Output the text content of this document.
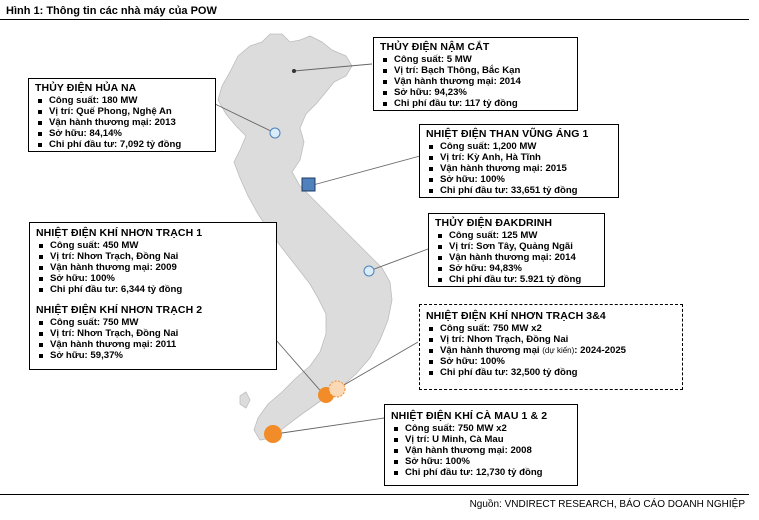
Hình 1: Thông tin các nhà máy của POW
THỦY ĐIỆN NẬM CẮT
Công suất: 5 MW
Vị trí: Bạch Thông, Bắc Kạn
Vận hành thương mại: 2014
Sở hữu: 94,23%
Chi phí đầu tư: 117 tỷ đồng
THỦY ĐIỆN HỦA NA
Công suất: 180 MW
Vị trí: Quế Phong, Nghệ An
Vận hành thương mại: 2013
Sở hữu: 84,14%
Chi phí đầu tư: 7,092 tỷ đồng
NHIỆT ĐIỆN THAN VŨNG ÁNG 1
Công suất: 1,200 MW
Vị trí: Kỳ Anh, Hà Tĩnh
Vận hành thương mại: 2015
Sở hữu: 100%
Chi phí đầu tư: 33,651 tỷ đồng
THỦY ĐIỆN ĐAKDRINH
Công suất: 125 MW
Vị trí: Sơn Tây, Quảng Ngãi
Vận hành thương mại: 2014
Sở hữu: 94,83%
Chi phí đầu tư: 5.921 tỷ đồng
NHIỆT ĐIỆN KHÍ NHƠN TRẠCH 1
Công suất: 450 MW
Vị trí: Nhơn Trạch, Đồng Nai
Vận hành thương mại: 2009
Sở hữu: 100%
Chi phí đầu tư: 6,344 tỷ đồng
NHIỆT ĐIỆN KHÍ NHƠN TRẠCH 2
Công suất: 750 MW
Vị trí: Nhơn Trạch, Đồng Nai
Vận hành thương mại: 2011
Sở hữu: 59,37%
NHIỆT ĐIỆN KHÍ NHƠN TRẠCH 3&4
Công suất: 750 MW x2
Vị trí: Nhơn Trạch, Đồng Nai
Vận hành thương mại (dự kiến): 2024-2025
Sở hữu: 100%
Chi phí đầu tư: 32,500 tỷ đồng
NHIỆT ĐIỆN KHÍ CÀ MAU 1 & 2
Công suất: 750 MW x2
Vị trí: U Minh, Cà Mau
Vận hành thương mại: 2008
Sở hữu: 100%
Chi phí đầu tư: 12,730 tỷ đồng
Nguồn: VNDIRECT RESEARCH, BÁO CÁO DOANH NGHIỆP
